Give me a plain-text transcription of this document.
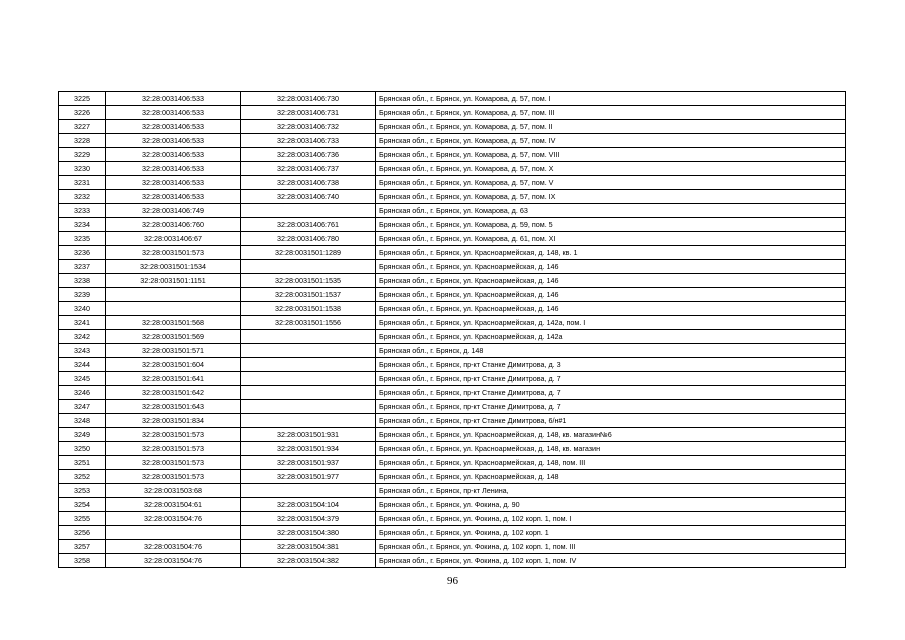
3225	32:28:0031406:533	32:28:0031406:730	Брянская обл., г. Брянск, ул. Комарова, д. 57, пом. I
3226	32:28:0031406:533	32:28:0031406:731	Брянская обл., г. Брянск, ул. Комарова, д. 57, пом. III
3227	32:28:0031406:533	32:28:0031406:732	Брянская обл., г. Брянск, ул. Комарова, д. 57, пом. II
3228	32:28:0031406:533	32:28:0031406:733	Брянская обл., г. Брянск, ул. Комарова, д. 57, пом. IV
3229	32:28:0031406:533	32:28:0031406:736	Брянская обл., г. Брянск, ул. Комарова, д. 57, пом. VIII
3230	32:28:0031406:533	32:28:0031406:737	Брянская обл., г. Брянск, ул. Комарова, д. 57, пом. X
3231	32:28:0031406:533	32:28:0031406:738	Брянская обл., г. Брянск, ул. Комарова, д. 57, пом. V
3232	32:28:0031406:533	32:28:0031406:740	Брянская обл., г. Брянск, ул. Комарова, д. 57, пом. IX
3233	32:28:0031406:749		Брянская обл., г. Брянск, ул. Комарова, д. 63
3234	32:28:0031406:760	32:28:0031406:761	Брянская обл., г. Брянск, ул. Комарова, д. 59, пом. 5
3235	32:28:0031406:67	32:28:0031406:780	Брянская обл., г. Брянск, ул. Комарова, д. 61, пом. XI
3236	32:28:0031501:573	32:28:0031501:1289	Брянская обл., г. Брянск, ул. Красноармейская, д. 148, кв. 1
3237	32:28:0031501:1534		Брянская обл., г. Брянск, ул. Красноармейская, д. 146
3238	32:28:0031501:1151	32:28:0031501:1535	Брянская обл., г. Брянск, ул. Красноармейская, д. 146
3239		32:28:0031501:1537	Брянская обл., г. Брянск, ул. Красноармейская, д. 146
3240		32:28:0031501:1538	Брянская обл., г. Брянск, ул. Красноармейская, д. 146
3241	32:28:0031501:568	32:28:0031501:1556	Брянская обл., г. Брянск, ул. Красноармейская, д. 142а, пом. I
3242	32:28:0031501:569		Брянская обл., г. Брянск, ул. Красноармейская, д. 142а
3243	32:28:0031501:571		Брянская обл., г. Брянск, д. 148
3244	32:28:0031501:604		Брянская обл., г. Брянск, пр-кт Станке Димитрова, д. 3
3245	32:28:0031501:641		Брянская обл., г. Брянск, пр-кт Станке Димитрова, д. 7
3246	32:28:0031501:642		Брянская обл., г. Брянск, пр-кт Станке Димитрова, д. 7
3247	32:28:0031501:643		Брянская обл., г. Брянск, пр-кт Станке Димитрова, д. 7
3248	32:28:0031501:834		Брянская обл., г. Брянск, пр-кт Станке Димитрова, 6/н#1
3249	32:28:0031501:573	32:28:0031501:931	Брянская обл., г. Брянск, ул. Красноармейская, д. 148, кв. магазин№6
3250	32:28:0031501:573	32:28:0031501:934	Брянская обл., г. Брянск, ул. Красноармейская, д. 148, кв. магазин
3251	32:28:0031501:573	32:28:0031501:937	Брянская обл., г. Брянск, ул. Красноармейская, д. 148, пом. III
3252	32:28:0031501:573	32:28:0031501:977	Брянская обл., г. Брянск, ул. Красноармейская, д. 148
3253	32:28:0031503:68		Брянская обл., г. Брянск, пр-кт Ленина,
3254	32:28:0031504:61	32:28:0031504:104	Брянская обл., г. Брянск, ул. Фокина, д. 90
3255	32:28:0031504:76	32:28:0031504:379	Брянская обл., г. Брянск, ул. Фокина, д. 102 корп. 1, пом. I
3256		32:28:0031504:380	Брянская обл., г. Брянск, ул. Фокина, д. 102 корп. 1
3257	32:28:0031504:76	32:28:0031504:381	Брянская обл., г. Брянск, ул. Фокина, д. 102 корп. 1, пом. III
3258	32:28:0031504:76	32:28:0031504:382	Брянская обл., г. Брянск, ул. Фокина, д. 102 корп. 1, пом. IV
96
